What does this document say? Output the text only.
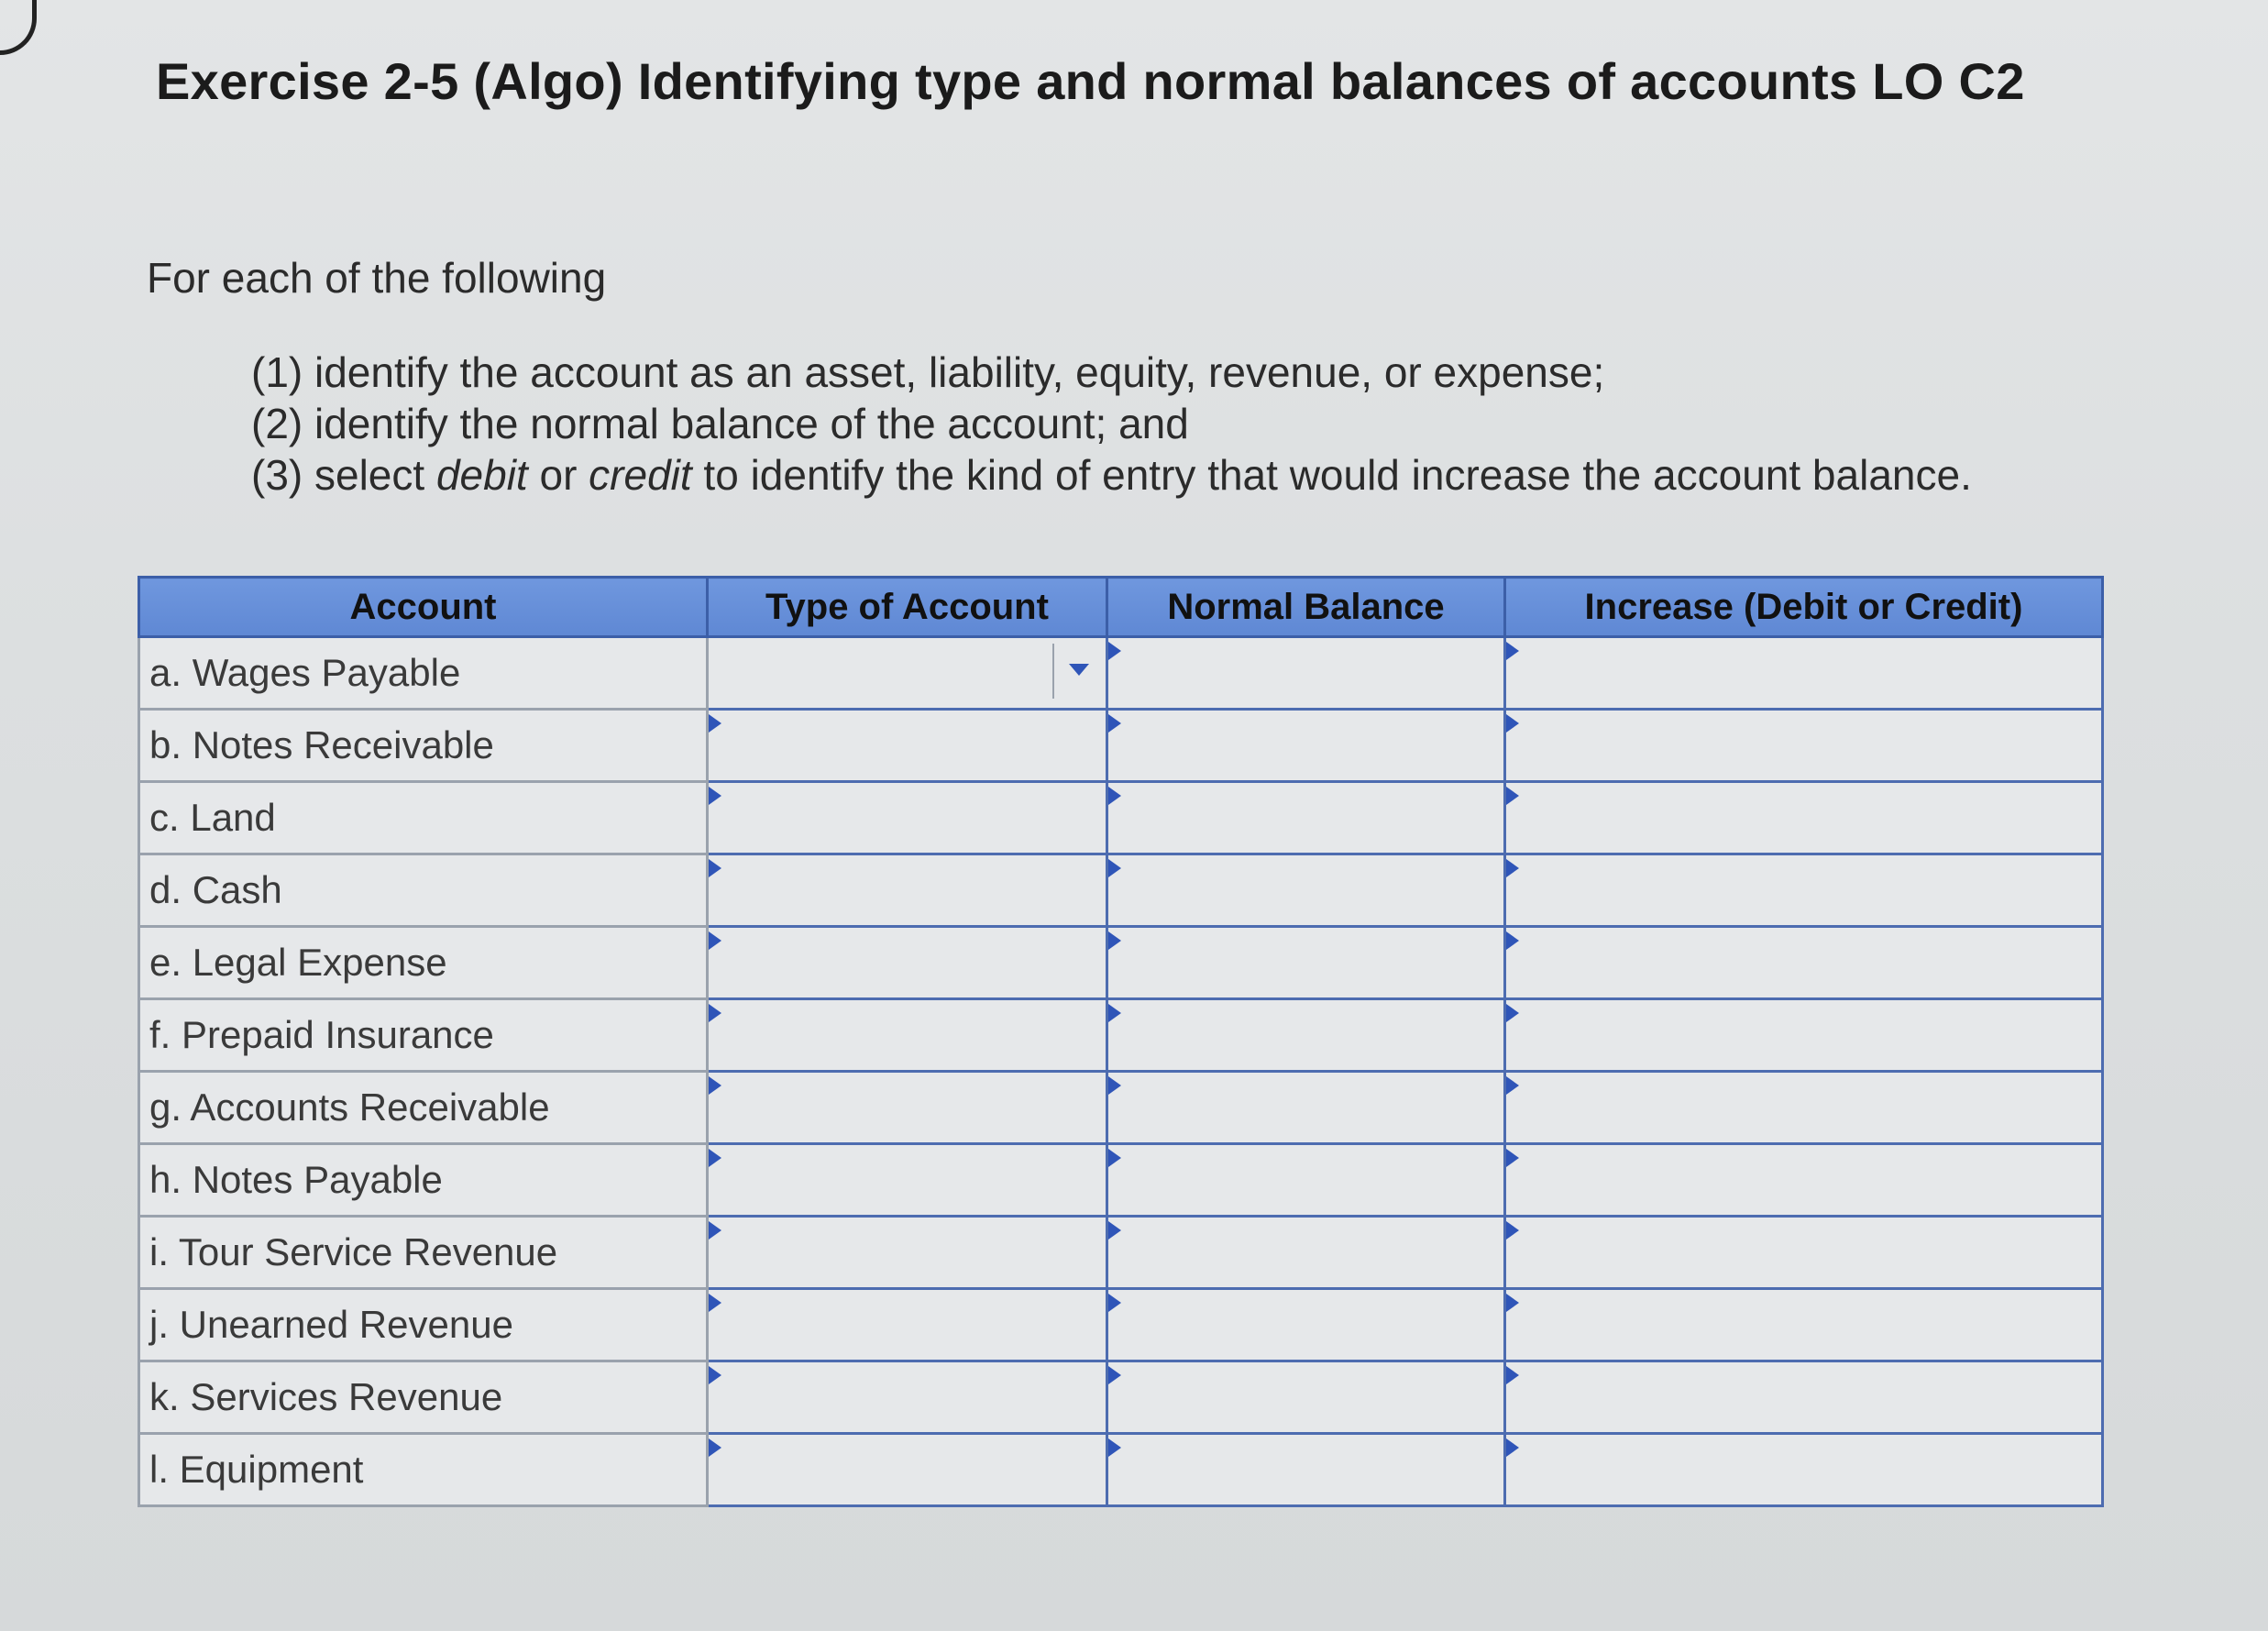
Exercise 2-5 (Algo) Identifying type and normal balances of accounts LO C2
For each of the following
(1) identify the account as an asset, liability, equity, revenue, or expense;
(2) identify the normal balance of the account; and
(3) select debit or credit to identify the kind of entry that would increase the account balance.
Account	Type of Account	Normal Balance	Increase (Debit or Credit)
a. Wages Payable	

b. Notes Receivable			
c. Land			
d. Cash			
e. Legal Expense			
f. Prepaid Insurance			
g. Accounts Receivable			
h. Notes Payable			
i. Tour Service Revenue			
j. Unearned Revenue			
k. Services Revenue			
l. Equipment			
